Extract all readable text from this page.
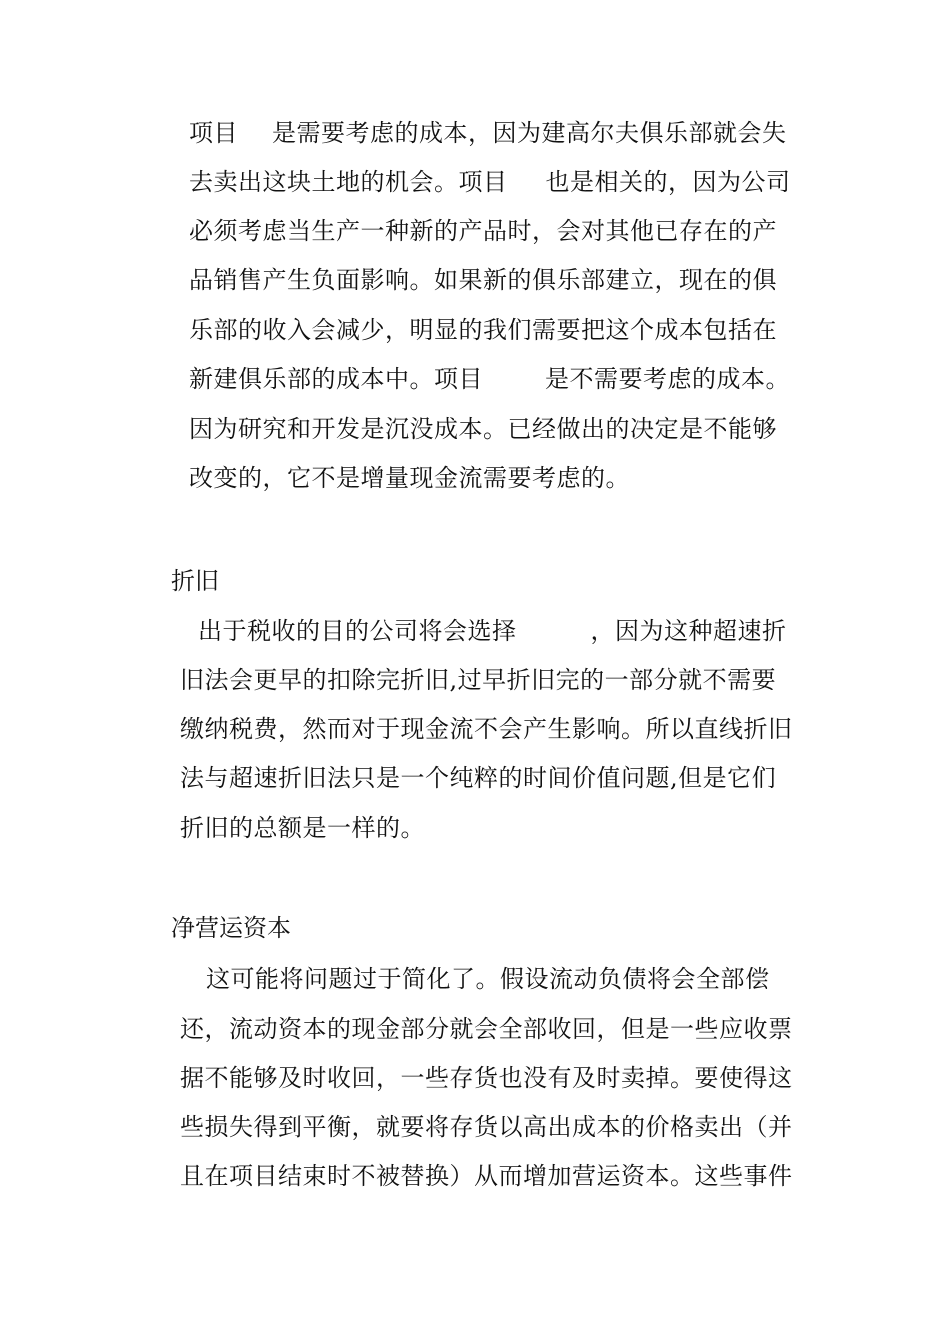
项目 是需要考虑的成本，因为建高尔夫俱乐部就会失
去卖出这块土地的机会。项目 也是相关的，因为公司
必须考虑当生产一种新的产品时，会对其他已存在的产
品销售产生负面影响。如果新的俱乐部建立，现在的俱
乐部的收入会减少，明显的我们需要把这个成本包括在
新建俱乐部的成本中。项目	是不需要考虑的成本。
因为研究和开发是沉没成本。已经做出的决定是不能够
改变的，它不是增量现金流需要考虑的。
折旧
出于税收的目的公司将会选择	，因为这种超速折
旧法会更早的扣除完折旧,过早折旧完的一部分就不需要
缴纳税费，然而对于现金流不会产生影响。所以直线折旧
法与超速折旧法只是一个纯粹的时间价值问题,但是它们
折旧的总额是一样的。
净营运资本
这可能将问题过于简化了。假设流动负债将会全部偿
还，流动资本的现金部分就会全部收回，但是一些应收票
据不能够及时收回，一些存货也没有及时卖掉。要使得这
些损失得到平衡，就要将存货以高出成本的价格卖出（并
且在项目结束时不被替换）从而增加营运资本。这些事件
